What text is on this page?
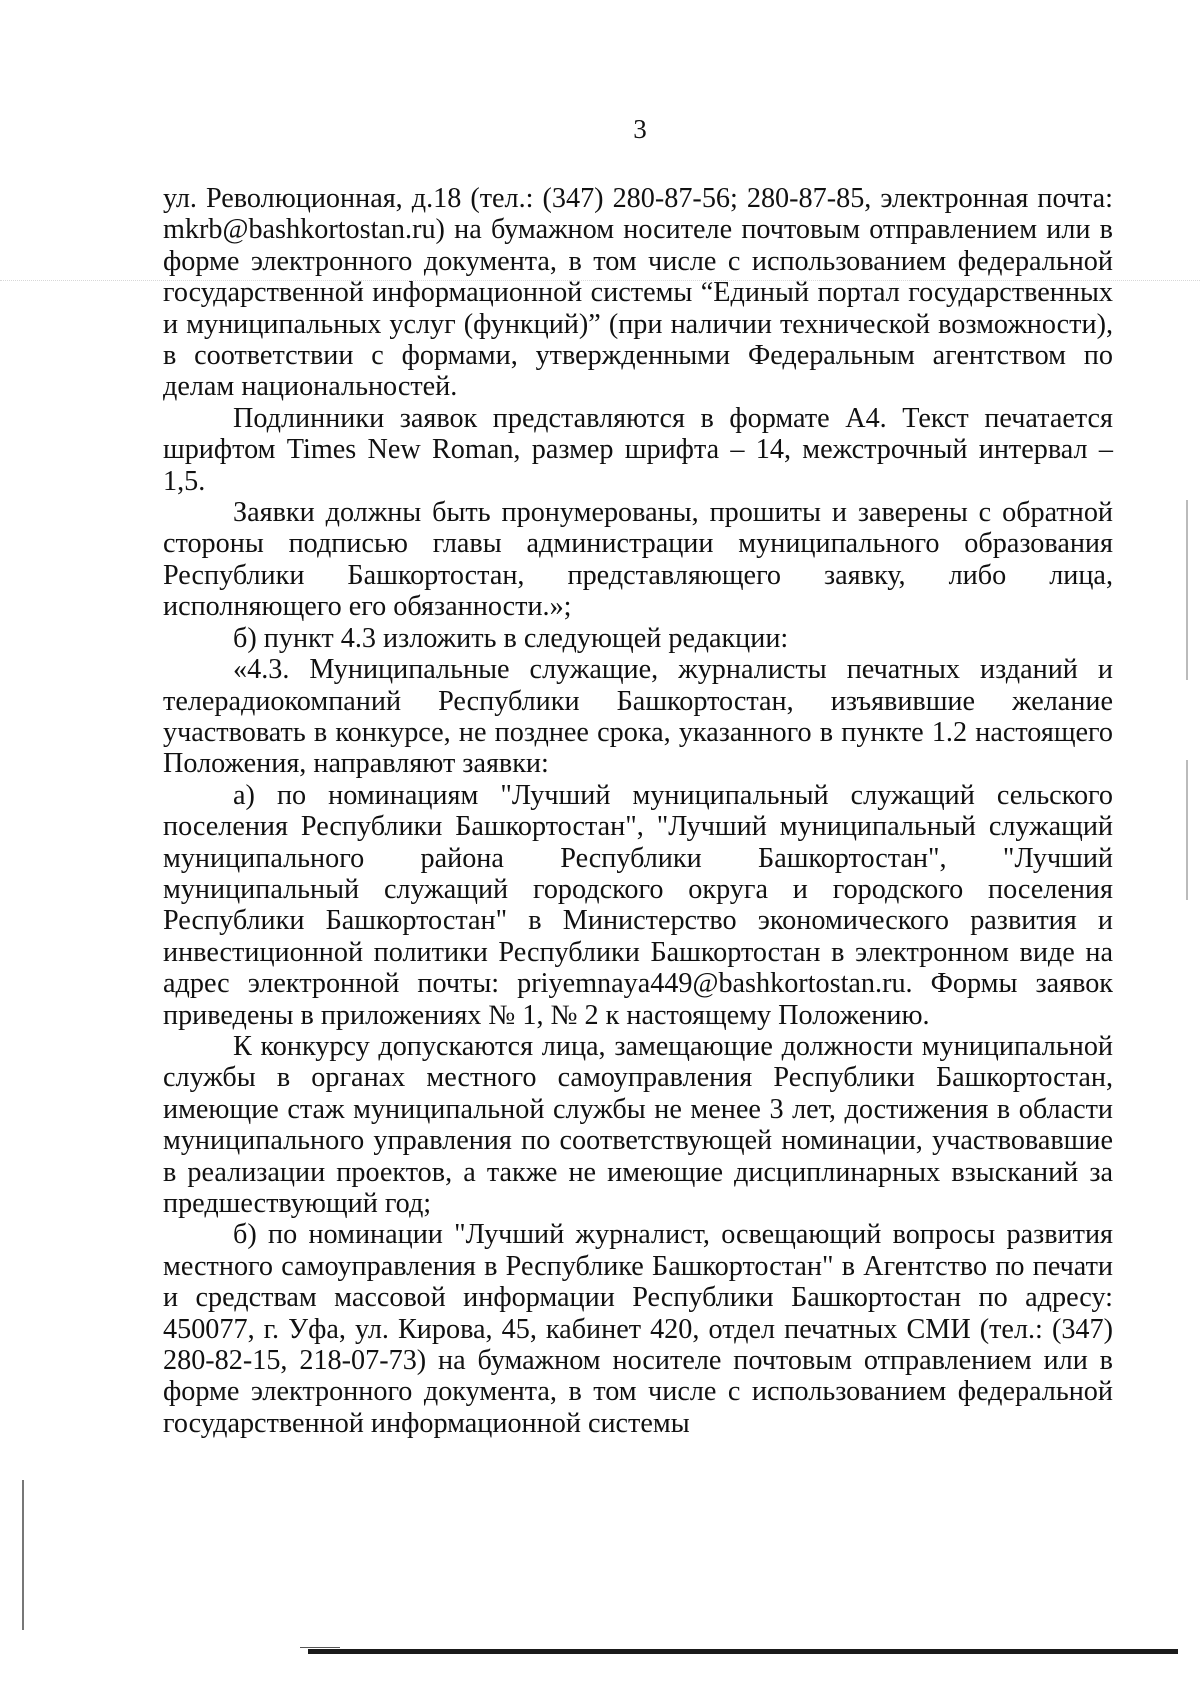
3

ул. Революционная, д.18 (тел.: (347) 280-87-56; 280-87-85, электронная почта: mkrb@bashkortostan.ru) на бумажном носителе почтовым отправлением или в форме электронного документа, в том числе с использованием федеральной государственной информационной системы “Единый портал государственных и муниципальных услуг (функций)” (при наличии технической возможности), в соответствии с формами, утвержденными Федеральным агентством по делам национальностей.

Подлинники заявок представляются в формате А4. Текст печатается шрифтом Times New Roman, размер шрифта – 14, межстрочный интервал – 1,5.

Заявки должны быть пронумерованы, прошиты и заверены с обратной стороны подписью главы администрации муниципального образования Республики Башкортостан, представляющего заявку, либо лица, исполняющего его обязанности.»;

б) пункт 4.3 изложить в следующей редакции:

«4.3. Муниципальные служащие, журналисты печатных изданий и телерадиокомпаний Республики Башкортостан, изъявившие желание участвовать в конкурсе, не позднее срока, указанного в пункте 1.2 настоящего Положения, направляют заявки:

а) по номинациям "Лучший муниципальный служащий сельского поселения Республики Башкортостан", "Лучший муниципальный служащий муниципального района Республики Башкортостан", "Лучший муниципальный служащий городского округа и городского поселения Республики Башкортостан" в Министерство экономического развития и инвестиционной политики Республики Башкортостан в электронном виде на адрес электронной почты: priyemnaya449@bashkortostan.ru. Формы заявок приведены в приложениях № 1, № 2 к настоящему Положению.

К конкурсу допускаются лица, замещающие должности муниципальной службы в органах местного самоуправления Республики Башкортостан, имеющие стаж муниципальной службы не менее 3 лет, достижения в области муниципального управления по соответствующей номинации, участвовавшие в реализации проектов, а также не имеющие дисциплинарных взысканий за предшествующий год;

б) по номинации "Лучший журналист, освещающий вопросы развития местного самоуправления в Республике Башкортостан" в Агентство по печати и средствам массовой информации Республики Башкортостан по адресу: 450077, г. Уфа, ул. Кирова, 45, кабинет 420, отдел печатных СМИ (тел.: (347) 280-82-15, 218-07-73) на бумажном носителе почтовым отправлением или в форме электронного документа, в том числе с использованием федеральной государственной информационной системы
